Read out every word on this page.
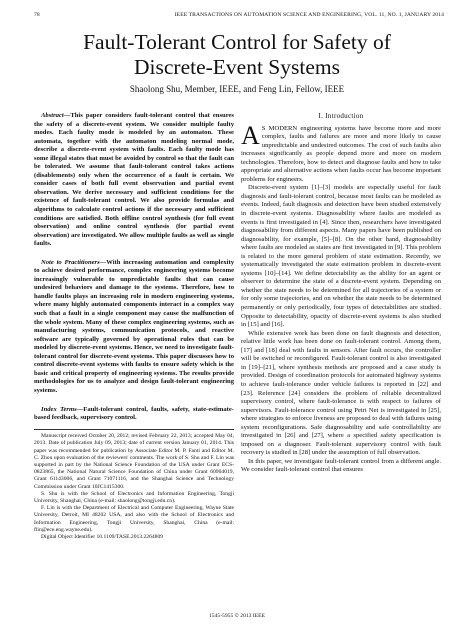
78	IEEE TRANSACTIONS ON AUTOMATION SCIENCE AND ENGINEERING, VOL. 11, NO. 1, JANUARY 2014
Fault-Tolerant Control for Safety of
Discrete-Event Systems
Shaolong Shu, Member, IEEE, and Feng Lin, Fellow, IEEE

Abstract—This paper considers fault-tolerant control that ensures the safety of a discrete-event system. We consider multiple faulty modes. Each faulty mode is modeled by an automaton. These automata, together with the automaton modeling normal mode, describe a discrete-event system with faults. Each faulty mode has some illegal states that must be avoided by control so that the fault can be tolerated. We assume that fault-tolerant control takes actions (disablements) only when the occurrence of a fault is certain. We consider cases of both full event observation and partial event observation. We derive necessary and sufficient conditions for the existence of fault-tolerant control. We also provide formulas and algorithms to calculate control actions if the necessary and sufficient conditions are satisfied. Both offline control synthesis (for full event observation) and online control synthesis (for partial event observation) are investigated. We allow multiple faults as well as single faults.

Note to Practitioners—With increasing automation and complexity to achieve desired performance, complex engineering systems become increasingly vulnerable to unpredictable faults that can cause undesired behaviors and damage to the systems. Therefore, how to handle faults plays an increasing role in modern engineering systems, where many highly automated components interact in a complex way such that a fault in a single component may cause the malfunction of the whole system. Many of these complex engineering systems, such as manufacturing systems, communication protocols, and reactive software are typically governed by operational rules that can be modeled by discrete-event systems. Hence, we need to investigate fault-tolerant control for discrete-event systems. This paper discusses how to control discrete-event systems with faults to ensure safety which is the basic and critical property of engineering systems. The results provide methodologies for us to analyze and design fault-tolerant engineering systems.

Index Terms—Fault-tolerant control, faults, safety, state-estimate-based feedback, supervisory control.

Manuscript received October 20, 2012; revised February 22, 2013; accepted May 04, 2013. Date of publication July 09, 2013; date of current version January 01, 2014. This paper was recommended for publication by Associate Editor M. P. Fanti and Editor M. C. Zhou upon evaluation of the reviewers' comments. The work of S. Shu and F. Lin was supported in part by the National Science Foundation of the USA under Grant ECS-0823865, the National Natural Science Foundation of China under Grant 60904019, Grant 61143006, and Grant 71071116, and the Shanghai Science and Technology Commission under Grant 10JC1415300.

S. Shu is with the School of Electronics and Information Engineering, Tongji University, Shanghai, China (e-mail: shaolong@tongji.edu.cn).

F. Lin is with the Department of Electrical and Computer Engineering, Wayne State University, Detroit, MI 48202 USA, and also with the School of Electronics and Information Engineering, Tongji University, Shanghai, China (e-mail: flin@ece.eng.wayne.edu).

Digital Object Identifier 10.1109/TASE.2013.2264809

I. Introduction
A S MODERN engineering systems have become more and more complex, faults and failures are more and more likely to cause unpredictable and undesired outcomes. The cost of such faults also increases significantly as people depend more and more on modern technologies. Therefore, how to detect and diagnose faults and how to take appropriate and alternative actions when faults occur has become important problems for engineers.

Discrete-event system [1]–[3] models are especially useful for fault diagnosis and fault-tolerant control, because most faults can be modeled as events. Indeed, fault diagnosis and detection have been studied extensively in discrete-event systems. Diagnosability where faults are modeled as events is first investigated in [4]. Since then, researchers have investigated diagnosability from different aspects. Many papers have been published on diagnosability, for example, [5]–[8]. On the other hand, diagnosability where faults are modeled as states are first investigated in [9]. This problem is related to the more general problem of state estimation. Recently, we systematically investigated the state estimation problem in discrete-event systems [10]–[14]. We define detectability as the ability for an agent or observer to determine the state of a discrete-event system. Depending on whether the state needs to be determined for all trajectories of a system or for only some trajectories, and on whether the state needs to be determined permanently or only periodically, four types of detectabilities are studied. Opposite to detectability, opacity of discrete-event systems is also studied in [15] and [16].

While extensive work has been done on fault diagnosis and detection, relative little work has been done on fault-tolerant control. Among them, [17] and [18] deal with faults in sensors. After fault occurs, the controller will be switched or reconfigured. Fault-tolerant control is also investigated in [19]–[21], where synthesis methods are proposed and a case study is provided. Design of coordination protocols for automated highway systems to achieve fault-tolerance under vehicle failures is reported in [22] and [23]. Reference [24] considers the problem of reliable decentralized supervisory control, where fault-tolerance is with respect to failures of supervisors. Fault-tolerance control using Petri Net is investigated in [25], where strategies to enforce liveness are proposed to deal with failures using system reconfigurations. Safe diagnosability and safe controllability are investigated in [26] and [27], where a specified safety specification is imposed on a diagnoser. Fault-tolerant supervisory control with fault recovery is studied in [28] under the assumption of full observation.

In this paper, we investigate fault-tolerant control from a different angle. We consider fault-tolerant control that ensures

1545-5955 © 2013 IEEE
